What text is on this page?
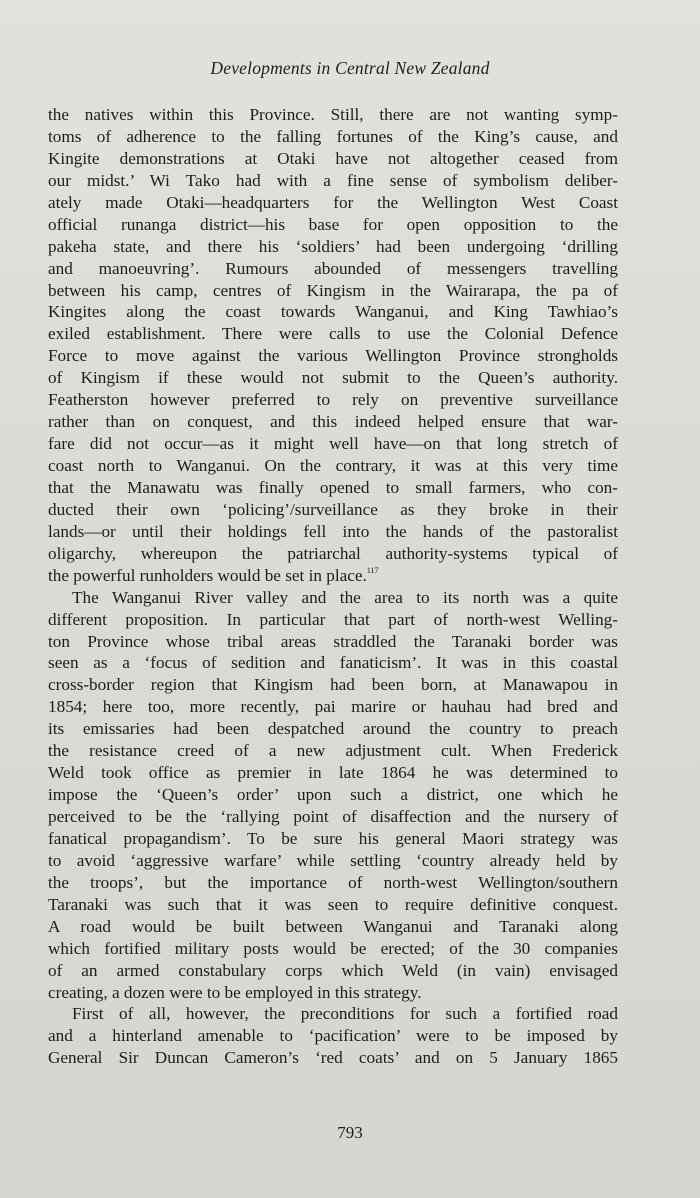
Developments in Central New Zealand
the natives within this Province. Still, there are not wanting symp-
toms of adherence to the falling fortunes of the King’s cause, and
Kingite demonstrations at Otaki have not altogether ceased from
our midst.’ Wi Tako had with a fine sense of symbolism deliber-
ately made Otaki—headquarters for the Wellington West Coast
official runanga district—his base for open opposition to the
pakeha state, and there his ‘soldiers’ had been undergoing ‘drilling
and manoeuvring’. Rumours abounded of messengers travelling
between his camp, centres of Kingism in the Wairarapa, the pa of
Kingites along the coast towards Wanganui, and King Tawhiao’s
exiled establishment. There were calls to use the Colonial Defence
Force to move against the various Wellington Province strongholds
of Kingism if these would not submit to the Queen’s authority.
Featherston however preferred to rely on preventive surveillance
rather than on conquest, and this indeed helped ensure that war-
fare did not occur—as it might well have—on that long stretch of
coast north to Wanganui. On the contrary, it was at this very time
that the Manawatu was finally opened to small farmers, who con-
ducted their own ‘policing’/surveillance as they broke in their
lands—or until their holdings fell into the hands of the pastoralist
oligarchy, whereupon the patriarchal authority-systems typical of
the powerful runholders would be set in place.$^{117}$
The Wanganui River valley and the area to its north was a quite
different proposition. In particular that part of north-west Welling-
ton Province whose tribal areas straddled the Taranaki border was
seen as a ‘focus of sedition and fanaticism’. It was in this coastal
cross-border region that Kingism had been born, at Manawapou in
1854; here too, more recently, pai marire or hauhau had bred and
its emissaries had been despatched around the country to preach
the resistance creed of a new adjustment cult. When Frederick
Weld took office as premier in late 1864 he was determined to
impose the ‘Queen’s order’ upon such a district, one which he
perceived to be the ‘rallying point of disaffection and the nursery of
fanatical propagandism’. To be sure his general Maori strategy was
to avoid ‘aggressive warfare’ while settling ‘country already held by
the troops’, but the importance of north-west Wellington/southern
Taranaki was such that it was seen to require definitive conquest.
A road would be built between Wanganui and Taranaki along
which fortified military posts would be erected; of the 30 companies
of an armed constabulary corps which Weld (in vain) envisaged
creating, a dozen were to be employed in this strategy.
First of all, however, the preconditions for such a fortified road
and a hinterland amenable to ‘pacification’ were to be imposed by
General Sir Duncan Cameron’s ‘red coats’ and on 5 January 1865
793
